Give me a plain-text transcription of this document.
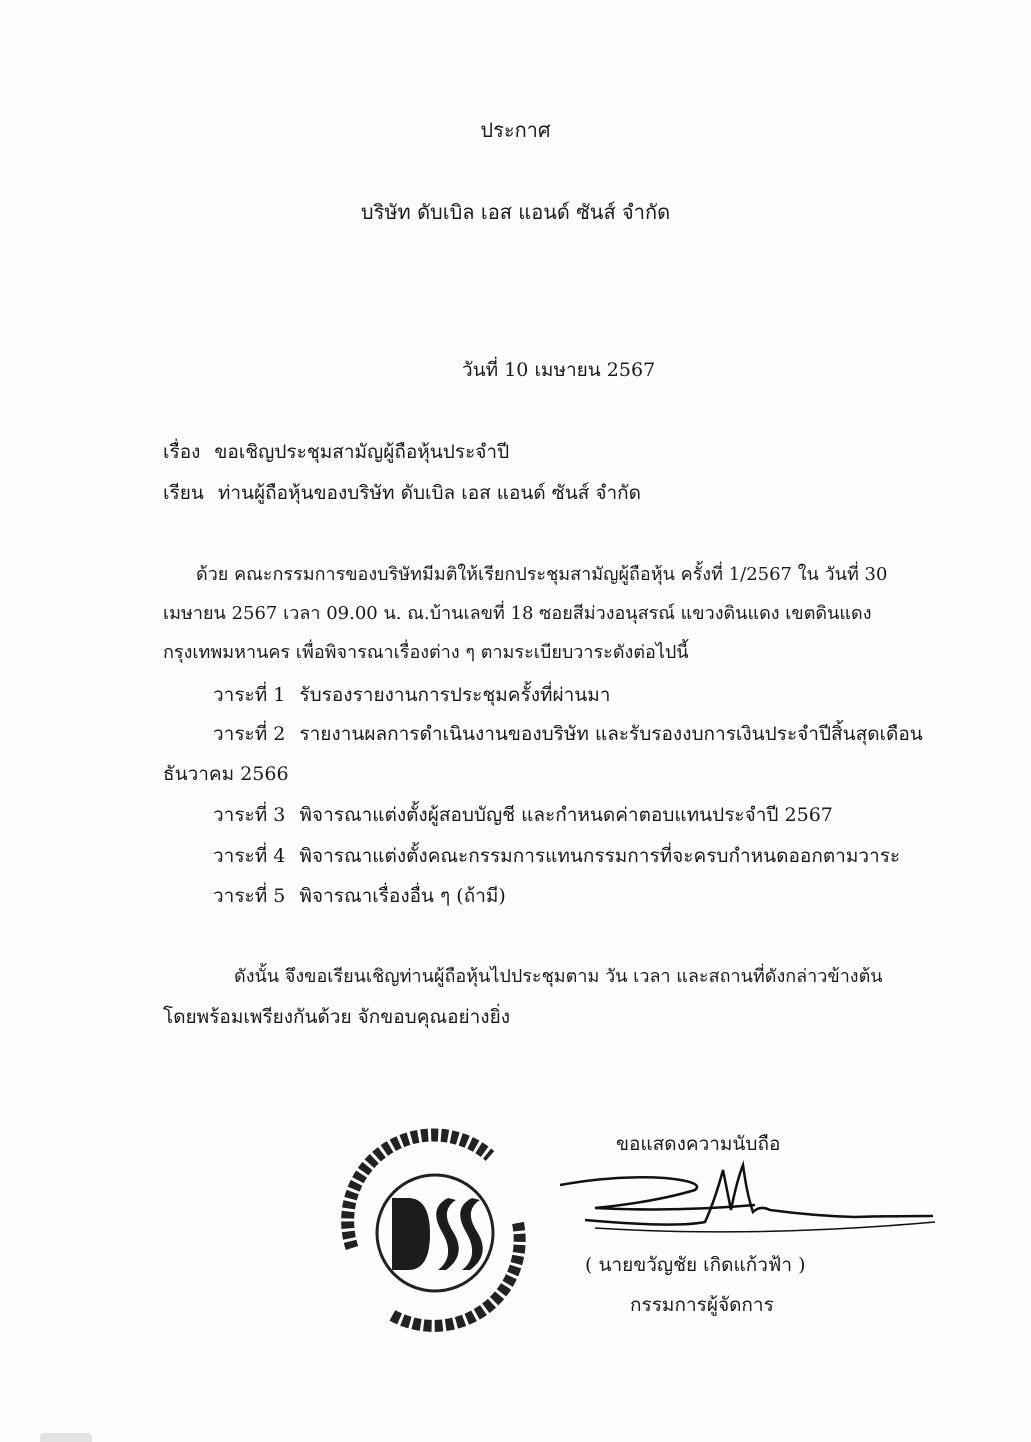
ประกาศ
บริษัท ดับเบิล เอส แอนด์ ซันส์ จำกัด
วันที่ 10 เมษายน 2567
เรื่อง ขอเชิญประชุมสามัญผู้ถือหุ้นประจำปี
เรียน ท่านผู้ถือหุ้นของบริษัท ดับเบิล เอส แอนด์ ซันส์ จำกัด
ด้วย คณะกรรมการของบริษัทมีมติให้เรียกประชุมสามัญผู้ถือหุ้น ครั้งที่ 1/2567 ใน วันที่ 30
เมษายน 2567 เวลา 09.00 น. ณ.บ้านเลขที่ 18 ซอยสีม่วงอนุสรณ์ แขวงดินแดง เขตดินแดง
กรุงเทพมหานคร เพื่อพิจารณาเรื่องต่าง ๆ ตามระเบียบวาระดังต่อไปนี้
วาระที่ 1 รับรองรายงานการประชุมครั้งที่ผ่านมา
วาระที่ 2 รายงานผลการดำเนินงานของบริษัท และรับรองงบการเงินประจำปีสิ้นสุดเดือน
ธันวาคม 2566
วาระที่ 3 พิจารณาแต่งตั้งผู้สอบบัญชี และกำหนดค่าตอบแทนประจำปี 2567
วาระที่ 4 พิจารณาแต่งตั้งคณะกรรมการแทนกรรมการที่จะครบกำหนดออกตามวาระ
วาระที่ 5 พิจารณาเรื่องอื่น ๆ (ถ้ามี)
ดังนั้น จึงขอเรียนเชิญท่านผู้ถือหุ้นไปประชุมตาม วัน เวลา และสถานที่ดังกล่าวข้างต้น
โดยพร้อมเพรียงกันด้วย จักขอบคุณอย่างยิ่ง
ขอแสดงความนับถือ
( นายขวัญชัย เกิดแก้วฟ้า )
กรรมการผู้จัดการ
